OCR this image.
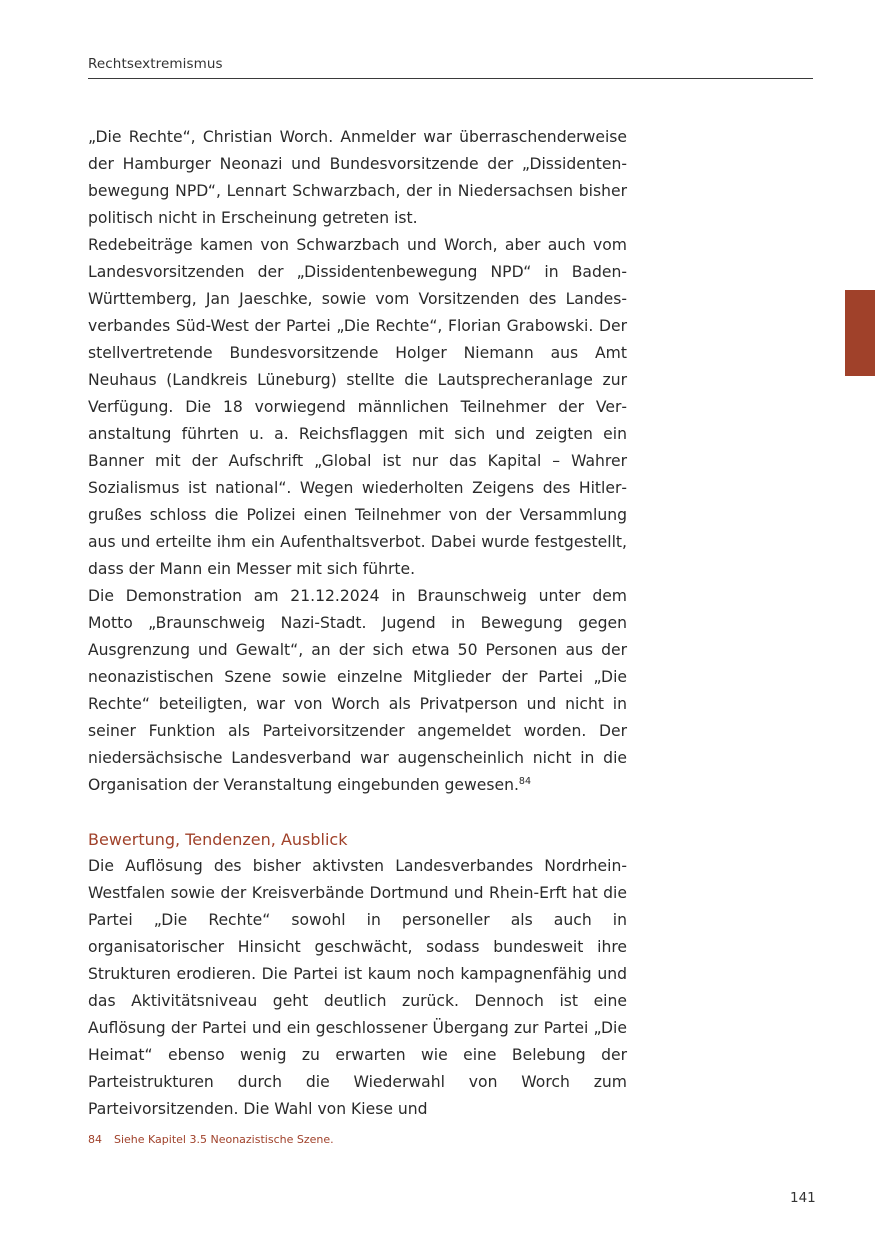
Rechtsextremismus

„Die Rechte“, Christian Worch. Anmelder war überraschenderweise der Hamburger Neonazi und Bundesvorsitzende der „Dissidentenbewegung NPD“, Lennart Schwarzbach, der in Niedersachsen bisher politisch nicht in Erscheinung getreten ist.

Redebeiträge kamen von Schwarzbach und Worch, aber auch vom Landesvorsitzenden der „Dissidentenbewegung NPD“ in Baden-Württemberg, Jan Jaeschke, sowie vom Vorsitzenden des Landesverbandes Süd-West der Partei „Die Rechte“, Florian Grabowski. Der stellvertretende Bundesvorsitzende Holger Niemann aus Amt Neuhaus (Landkreis Lüneburg) stellte die Lautsprecheranlage zur Verfügung. Die 18 vorwiegend männlichen Teilnehmer der Veranstaltung führten u. a. Reichsflaggen mit sich und zeigten ein Banner mit der Aufschrift „Global ist nur das Kapital – Wahrer Sozialismus ist national“. Wegen wiederholten Zeigens des Hitlergrußes schloss die Polizei einen Teilnehmer von der Versammlung aus und erteilte ihm ein Aufenthaltsverbot. Dabei wurde festgestellt, dass der Mann ein Messer mit sich führte.

Die Demonstration am 21.12.2024 in Braunschweig unter dem Motto „Braunschweig Nazi-Stadt. Jugend in Bewegung gegen Ausgrenzung und Gewalt“, an der sich etwa 50 Personen aus der neonazistischen Szene sowie einzelne Mitglieder der Partei „Die Rechte“ beteiligten, war von Worch als Privatperson und nicht in seiner Funktion als Parteivorsitzender angemeldet worden. Der niedersächsische Landesverband war augenscheinlich nicht in die Organisation der Veranstaltung eingebunden gewesen.$^{84}$

Bewertung, Tendenzen, Ausblick

Die Auflösung des bisher aktivsten Landesverbandes Nordrhein-Westfalen sowie der Kreisverbände Dortmund und Rhein-Erft hat die Partei „Die Rechte“ sowohl in personeller als auch in organisatorischer Hinsicht geschwächt, sodass bundesweit ihre Strukturen erodieren. Die Partei ist kaum noch kampagnenfähig und das Aktivitätsniveau geht deutlich zurück. Dennoch ist eine Auflösung der Partei und ein geschlossener Übergang zur Partei „Die Heimat“ ebenso wenig zu erwarten wie eine Belebung der Parteistrukturen durch die Wiederwahl von Worch zum Parteivorsitzenden. Die Wahl von Kiese und

84 Siehe Kapitel 3.5 Neonazistische Szene.
141
